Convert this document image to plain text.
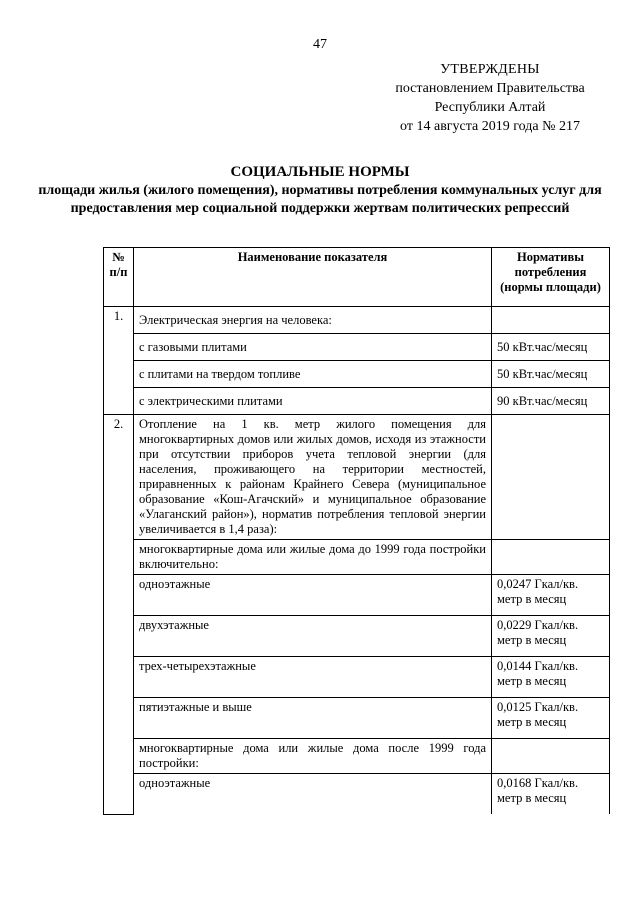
47
УТВЕРЖДЕНЫ
постановлением Правительства
Республики Алтай
от 14 августа 2019 года № 217
СОЦИАЛЬНЫЕ НОРМЫ
площади жилья (жилого помещения), нормативы потребления коммунальных услуг для предоставления мер социальной поддержки жертвам политических репрессий
№ п/п	Наименование показателя	Нормативы потребления (нормы площади)
1.	Электрическая энергия на человека:	
	с газовыми плитами	50 кВт.час/месяц
	с плитами на твердом топливе	50 кВт.час/месяц
	с электрическими плитами	90 кВт.час/месяц
2.	Отопление на 1 кв. метр жилого помещения для многоквартирных домов или жилых домов, исходя из этажности при отсутствии приборов учета тепловой энергии (для населения, проживающего на территории местностей, приравненных к районам Крайнего Севера (муниципальное образование «Кош-Агачский» и муниципальное образование «Улаганский район»), норматив потребления тепловой энергии увеличивается в 1,4 раза):	
	многоквартирные дома или жилые дома до 1999 года постройки включительно:	
	одноэтажные	0,0247 Гкал/кв. метр в месяц
	двухэтажные	0,0229 Гкал/кв. метр в месяц
	трех-четырехэтажные	0,0144 Гкал/кв. метр в месяц
	пятиэтажные и выше	0,0125 Гкал/кв. метр в месяц
	многоквартирные дома или жилые дома после 1999 года постройки:	
	одноэтажные	0,0168 Гкал/кв. метр в месяц
